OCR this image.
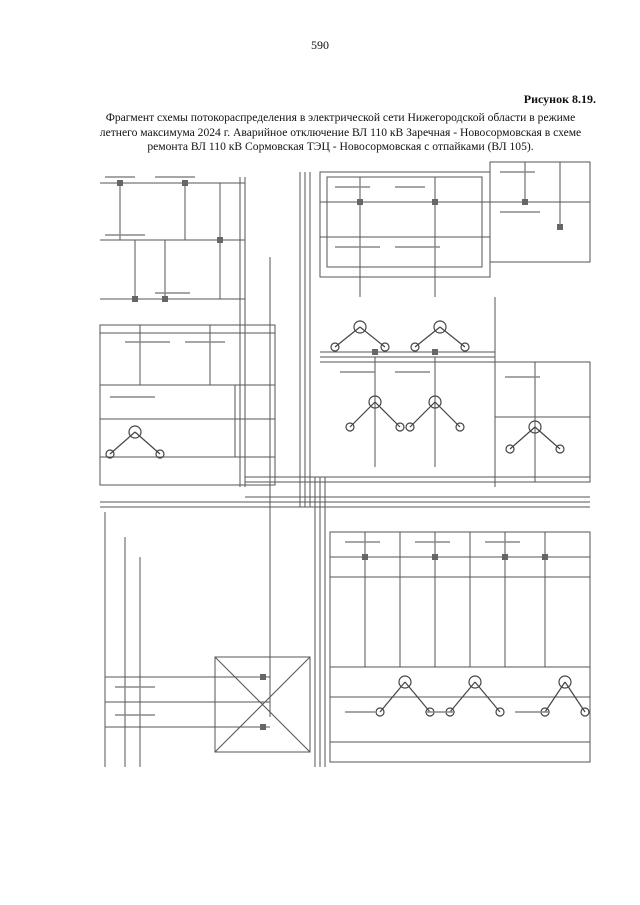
590
Рисунок 8.19.
Фрагмент схемы потокораспределения в электрической сети Нижегородской области в режиме
летнего максимума 2024 г. Аварийное отключение ВЛ 110 кВ Заречная - Новосормовская в схеме
ремонта ВЛ 110 кВ Сормовская ТЭЦ - Новосормовская с отпайками (ВЛ 105).
